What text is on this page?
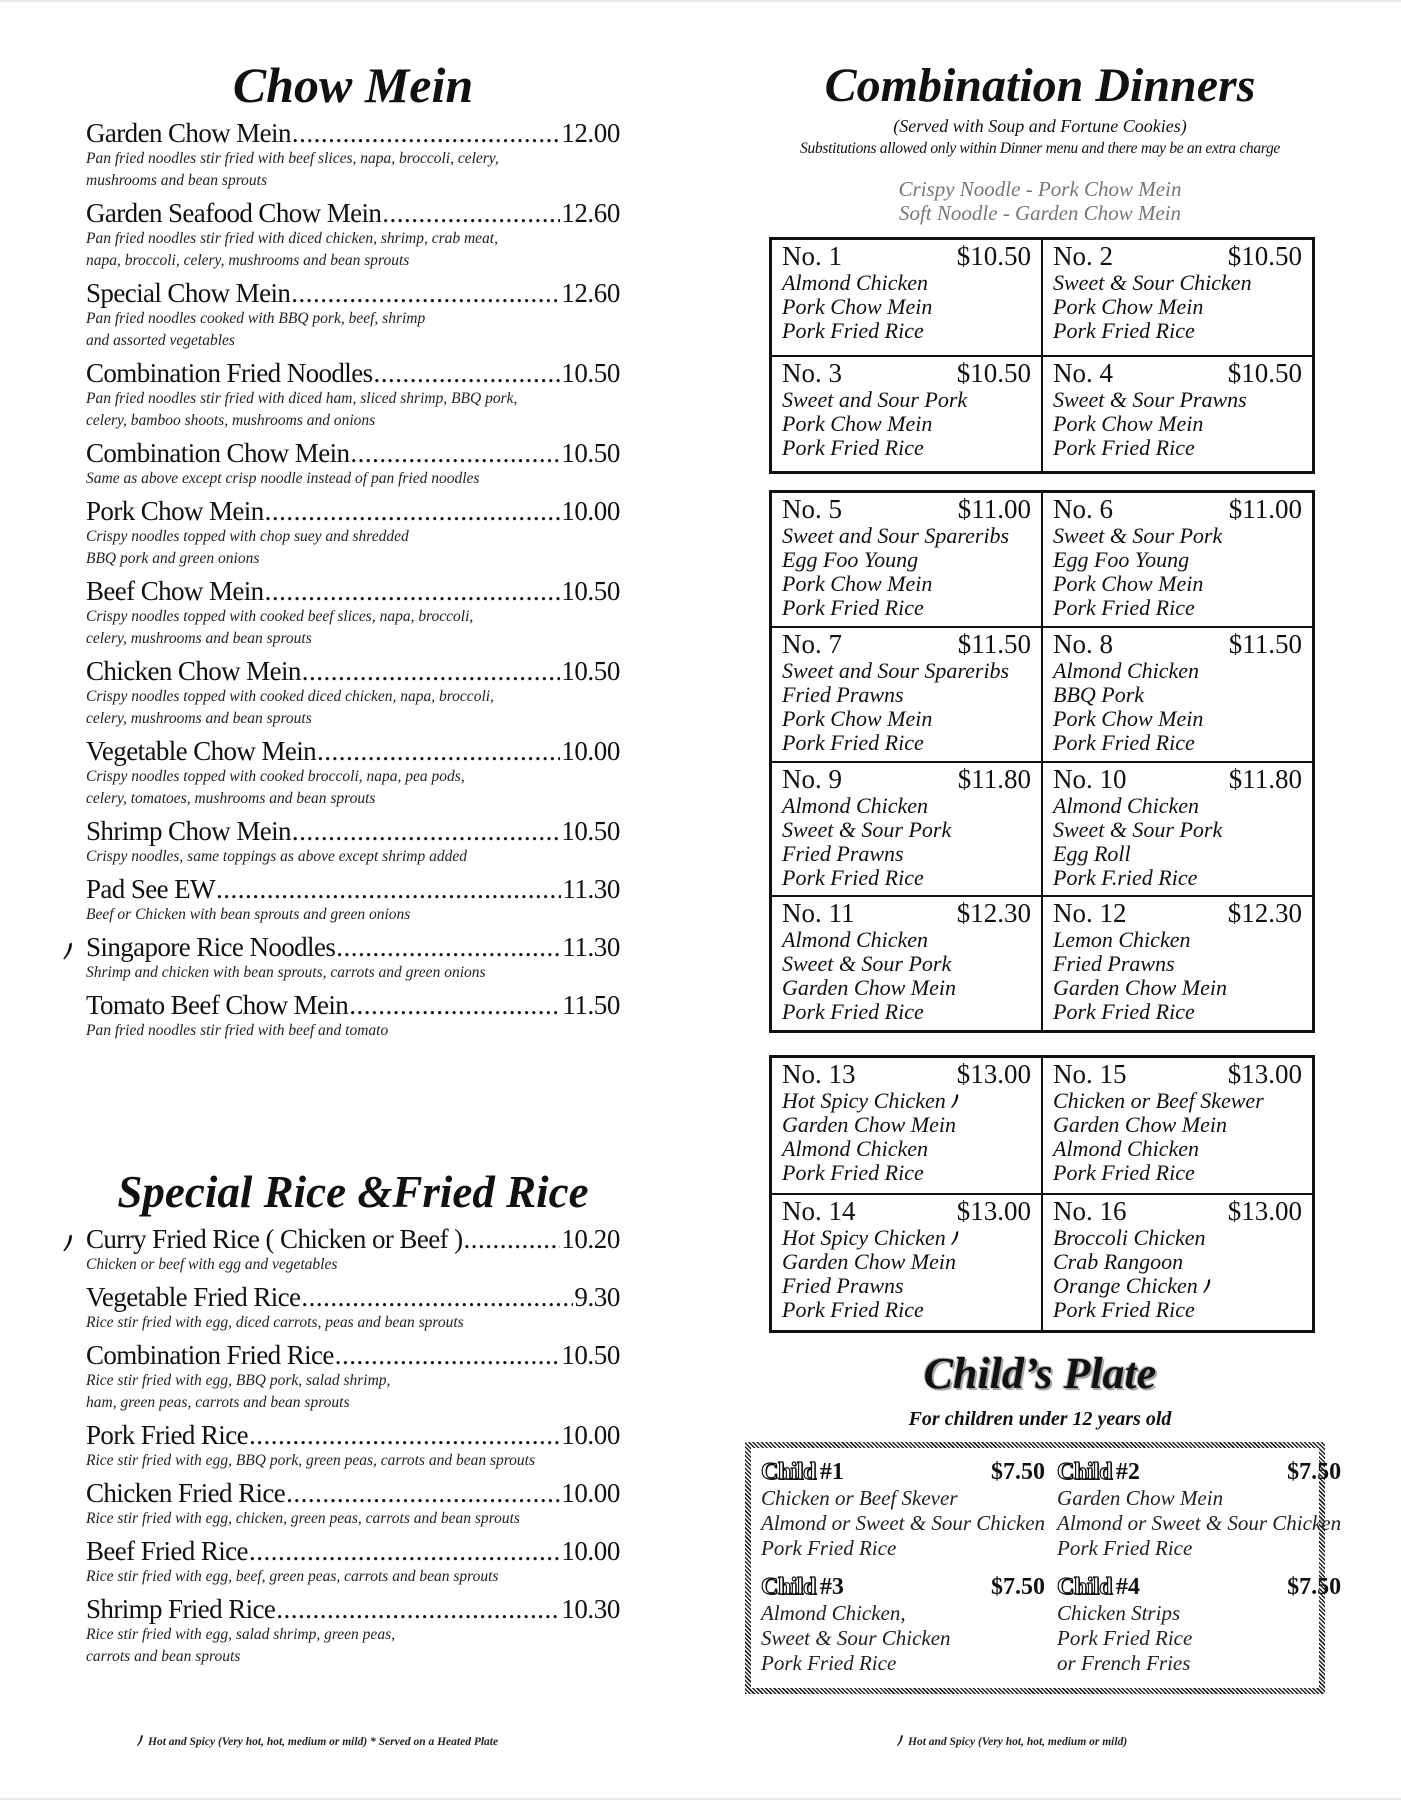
Chow Mein
Garden Chow Mein .....	12.00
Pan fried noodles stir fried with beef slices, napa, broccoli, celery,
mushrooms and bean sprouts
Garden Seafood Chow Mein .....	12.60
Pan fried noodles stir fried with diced chicken, shrimp, crab meat,
napa, broccoli, celery, mushrooms and bean sprouts
Special Chow Mein .....	12.60
Pan fried noodles cooked with BBQ pork, beef, shrimp
and assorted vegetables
Combination Fried Noodles .....	10.50
Pan fried noodles stir fried with diced ham, sliced shrimp, BBQ pork,
celery, bamboo shoots, mushrooms and onions
Combination Chow Mein .....	10.50
Same as above except crisp noodle instead of pan fried noodles
Pork Chow Mein .....	10.00
Crispy noodles topped with chop suey and shredded
BBQ pork and green onions
Beef Chow Mein .....	10.50
Crispy noodles topped with cooked beef slices, napa, broccoli,
celery, mushrooms and bean sprouts
Chicken Chow Mein .....	10.50
Crispy noodles topped with cooked diced chicken, napa, broccoli,
celery, mushrooms and bean sprouts
Vegetable Chow Mein .....	10.00
Crispy noodles topped with cooked broccoli, napa, pea pods,
celery, tomatoes, mushrooms and bean sprouts
Shrimp Chow Mein .....	10.50
Crispy noodles, same toppings as above except shrimp added
Pad See EW .....	11.30
Beef or Chicken with bean sprouts and green onions
Singapore Rice Noodles .....	11.30
Shrimp and chicken with bean sprouts, carrots and green onions
Tomato Beef Chow Mein .....	11.50
Pan fried noodles stir fried with beef and tomato
Special Rice &Fried Rice
Curry Fried Rice ( Chicken or Beef ) .....	10.20
Chicken or beef with egg and vegetables
Vegetable Fried Rice .....	9.30
Rice stir fried with egg, diced carrots, peas and bean sprouts
Combination Fried Rice .....	10.50
Rice stir fried with egg, BBQ pork, salad shrimp,
ham, green peas, carrots and bean sprouts
Pork Fried Rice .....	10.00
Rice stir fried with egg, BBQ pork, green peas, carrots and bean sprouts
Chicken Fried Rice .....	10.00
Rice stir fried with egg, chicken, green peas, carrots and bean sprouts
Beef Fried Rice .....	10.00
Rice stir fried with egg, beef, green peas, carrots and bean sprouts
Shrimp Fried Rice .....	10.30
Rice stir fried with egg, salad shrimp, green peas,
carrots and bean sprouts
Combination Dinners
(Served with Soup and Fortune Cookies)
Substitutions allowed only within Dinner menu and there may be an extra charge
Crispy Noodle - Pork Chow Mein
Soft Noodle - Garden Chow Mein
No. 1	$10.50
Almond Chicken
Pork Chow Mein
Pork Fried Rice
No. 2	$10.50
Sweet & Sour Chicken
Pork Chow Mein
Pork Fried Rice
No. 3	$10.50
Sweet and Sour Pork
Pork Chow Mein
Pork Fried Rice
No. 4	$10.50
Sweet & Sour Prawns
Pork Chow Mein
Pork Fried Rice
No. 5	$11.00
Sweet and Sour Spareribs
Egg Foo Young
Pork Chow Mein
Pork Fried Rice
No. 6	$11.00
Sweet & Sour Pork
Egg Foo Young
Pork Chow Mein
Pork Fried Rice
No. 7	$11.50
Sweet and Sour Spareribs
Fried Prawns
Pork Chow Mein
Pork Fried Rice
No. 8	$11.50
Almond Chicken
BBQ Pork
Pork Chow Mein
Pork Fried Rice
No. 9	$11.80
Almond Chicken
Sweet & Sour Pork
Fried Prawns
Pork Fried Rice
No. 10	$11.80
Almond Chicken
Sweet & Sour Pork
Egg Roll
Pork F.ried Rice
No. 11	$12.30
Almond Chicken
Sweet & Sour Pork
Garden Chow Mein
Pork Fried Rice
No. 12	$12.30
Lemon Chicken
Fried Prawns
Garden Chow Mein
Pork Fried Rice
No. 13	$13.00
Hot Spicy Chicken
Garden Chow Mein
Almond Chicken
Pork Fried Rice
No. 15	$13.00
Chicken or Beef Skewer
Garden Chow Mein
Almond Chicken
Pork Fried Rice
No. 14	$13.00
Hot Spicy Chicken
Garden Chow Mein
Fried Prawns
Pork Fried Rice
No. 16	$13.00
Broccoli Chicken
Crab Rangoon
Orange Chicken
Pork Fried Rice
Child’s Plate
For children under 12 years old
Child #1	$7.50
Chicken or Beef Skever
Almond or Sweet & Sour Chicken
Pork Fried Rice
Child #2	$7.50
Garden Chow Mein
Almond or Sweet & Sour Chicken
Pork Fried Rice
Child #3	$7.50
Almond Chicken,
Sweet & Sour Chicken
Pork Fried Rice
Child #4	$7.50
Chicken Strips
Pork Fried Rice
or French Fries
Hot and Spicy (Very hot, hot, medium or mild) * Served on a Heated Plate	Hot and Spicy (Very hot, hot, medium or mild)
